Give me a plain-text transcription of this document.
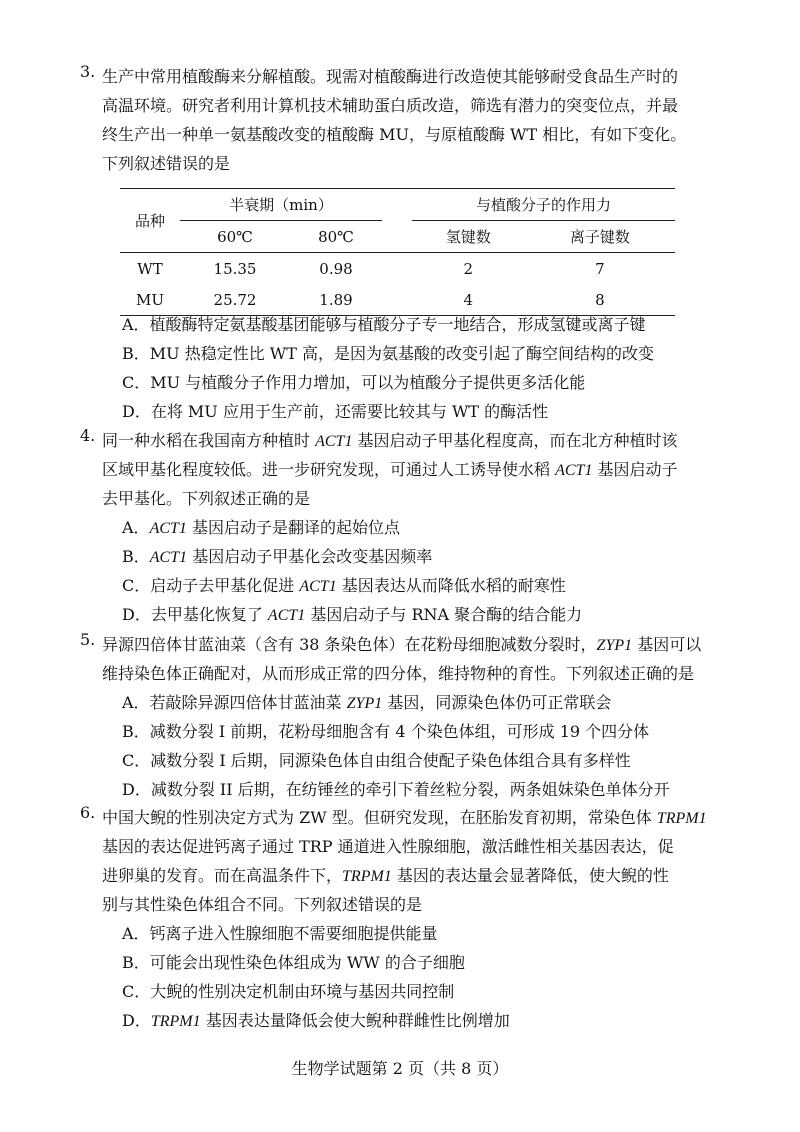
3. 生产中常用植酸酶来分解植酸。现需对植酸酶进行改造使其能够耐受食品生产时的
高温环境。研究者利用计算机技术辅助蛋白质改造，筛选有潜力的突变位点，并最
终生产出一种单一氨基酸改变的植酸酶 MU，与原植酸酶 WT 相比，有如下变化。
下列叙述错误的是
品种	半衰期（min）			与植酸分子的作用力	
	60℃	80℃		氢键数	离子键数
WT	15.35	0.98		2	7
MU	25.72	1.89		4	8
A．植酸酶特定氨基酸基团能够与植酸分子专一地结合，形成氢键或离子键
B．MU 热稳定性比 WT 高，是因为氨基酸的改变引起了酶空间结构的改变
C．MU 与植酸分子作用力增加，可以为植酸分子提供更多活化能
D．在将 MU 应用于生产前，还需要比较其与 WT 的酶活性
4. 同一种水稻在我国南方种植时 ACT1 基因启动子甲基化程度高，而在北方种植时该
区域甲基化程度较低。进一步研究发现，可通过人工诱导使水稻 ACT1 基因启动子
去甲基化。下列叙述正确的是
A．ACT1 基因启动子是翻译的起始位点
B．ACT1 基因启动子甲基化会改变基因频率
C．启动子去甲基化促进 ACT1 基因表达从而降低水稻的耐寒性
D．去甲基化恢复了 ACT1 基因启动子与 RNA 聚合酶的结合能力
5. 异源四倍体甘蓝油菜（含有 38 条染色体）在花粉母细胞减数分裂时，ZYP1 基因可以
维持染色体正确配对，从而形成正常的四分体，维持物种的育性。下列叙述正确的是
A．若敲除异源四倍体甘蓝油菜 ZYP1 基因，同源染色体仍可正常联会
B．减数分裂 I 前期，花粉母细胞含有 4 个染色体组，可形成 19 个四分体
C．减数分裂 I 后期，同源染色体自由组合使配子染色体组合具有多样性
D．减数分裂 II 后期，在纺锤丝的牵引下着丝粒分裂，两条姐妹染色单体分开
6. 中国大鲵的性别决定方式为 ZW 型。但研究发现，在胚胎发育初期，常染色体 TRPM1
基因的表达促进钙离子通过 TRP 通道进入性腺细胞，激活雌性相关基因表达，促
进卵巢的发育。而在高温条件下，TRPM1 基因的表达量会显著降低，使大鲵的性
别与其性染色体组合不同。下列叙述错误的是
A．钙离子进入性腺细胞不需要细胞提供能量
B．可能会出现性染色体组成为 WW 的合子细胞
C．大鲵的性别决定机制由环境与基因共同控制
D．TRPM1 基因表达量降低会使大鲵种群雌性比例增加
生物学试题第 2 页（共 8 页）
